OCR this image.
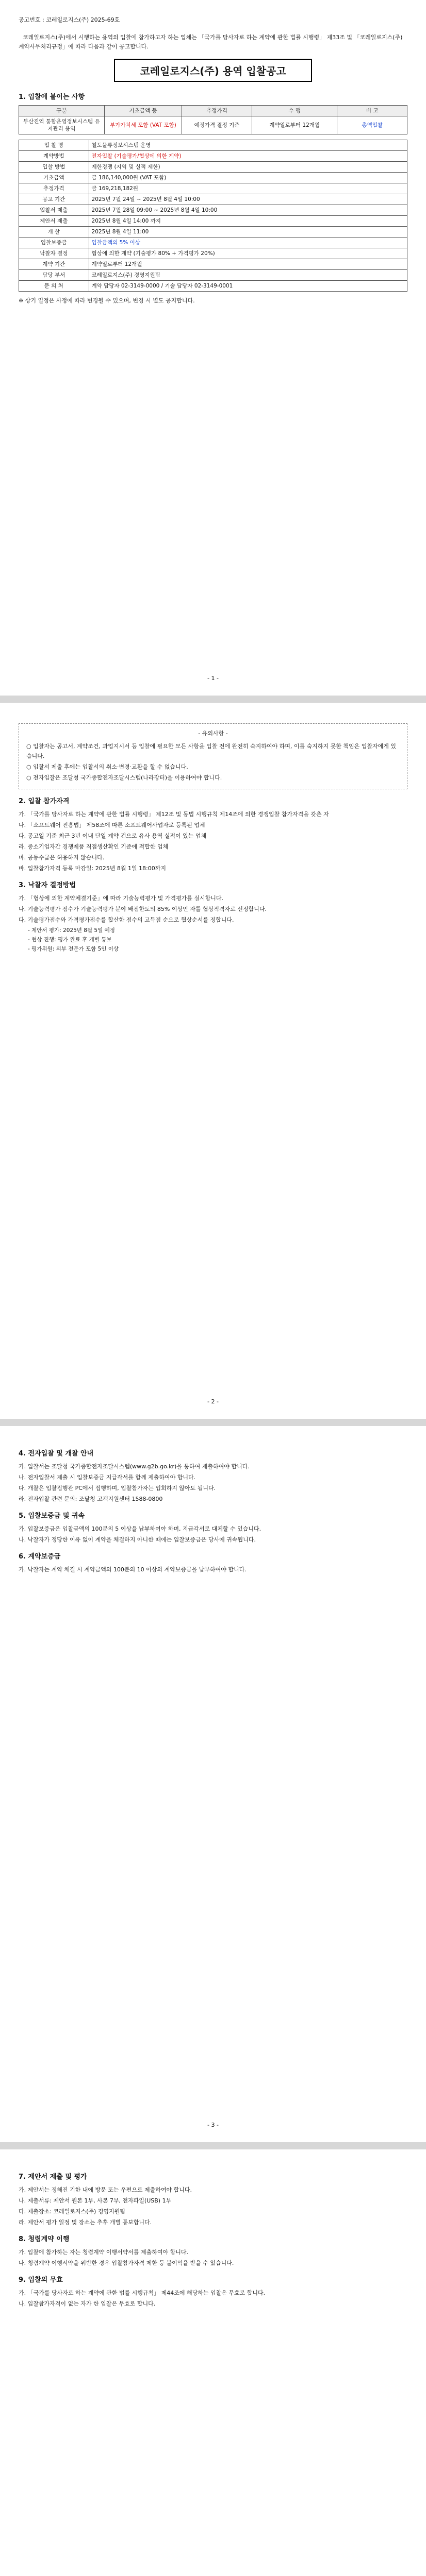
공고번호 : 코레일로지스(주) 2025-69호
코레일로지스(주)에서 시행하는 용역의 입찰에 참가하고자 하는 업체는 「국가를 당사자로 하는 계약에 관한 법률 시행령」 제33조 및 「코레일로지스(주) 계약사무처리규정」에 따라 다음과 같이 공고합니다.
코레일로지스(주) 용역 입찰공고
1. 입찰에 붙이는 사항
구분	기초금액 등	추정가격	수 행	비 고
부산진역 통합운영정보시스템 유지관리 용역	부가가치세 포함 (VAT 포함)	예정가격 결정 기준	계약일로부터 12개월	총액입찰
입 찰 명	철도물류정보시스템 운영
계약방법	전자입찰 (기술평가/협상에 의한 계약)
입찰 방법	제한경쟁 (지역 및 실적 제한)
기초금액	금 186,140,000원 (VAT 포함)
추정가격	금 169,218,182원
공고 기간	2025년 7월 24일 ~ 2025년 8월 4일 10:00
입찰서 제출	2025년 7월 28일 09:00 ~ 2025년 8월 4일 10:00
제안서 제출	2025년 8월 4일 14:00 까지
개 찰	2025년 8월 4일 11:00
입찰보증금	입찰금액의 5% 이상
낙찰자 결정	협상에 의한 계약 (기술평가 80% + 가격평가 20%)
계약 기간	계약일로부터 12개월
담당 부서	코레일로지스(주) 경영지원팀
문 의 처	계약 담당자 02-3149-0000 / 기술 담당자 02-3149-0001
※ 상기 일정은 사정에 따라 변경될 수 있으며, 변경 시 별도 공지합니다.
- 1 -
- 유의사항 -
○ 입찰자는 공고서, 계약조건, 과업지시서 등 입찰에 필요한 모든 사항을 입찰 전에 완전히 숙지하여야 하며, 이를 숙지하지 못한 책임은 입찰자에게 있습니다.
○ 입찰서 제출 후에는 입찰서의 취소·변경·교환을 할 수 없습니다.
○ 전자입찰은 조달청 국가종합전자조달시스템(나라장터)을 이용하여야 합니다.
2. 입찰 참가자격
가. 「국가를 당사자로 하는 계약에 관한 법률 시행령」 제12조 및 동법 시행규칙 제14조에 의한 경쟁입찰 참가자격을 갖춘 자
나. 「소프트웨어 진흥법」 제58조에 따른 소프트웨어사업자로 등록된 업체
다. 공고일 기준 최근 3년 이내 단일 계약 건으로 유사 용역 실적이 있는 업체
라. 중소기업자간 경쟁제품 직접생산확인 기준에 적합한 업체
마. 공동수급은 허용하지 않습니다.
바. 입찰참가자격 등록 마감일: 2025년 8월 1일 18:00까지
3. 낙찰자 결정방법
가. 「협상에 의한 계약체결기준」에 따라 기술능력평가 및 가격평가를 실시합니다.
나. 기술능력평가 점수가 기술능력평가 분야 배점한도의 85% 이상인 자를 협상적격자로 선정합니다.
다. 기술평가점수와 가격평가점수를 합산한 점수의 고득점 순으로 협상순서를 정합니다.
- 제안서 평가: 2025년 8월 5일 예정
- 협상 진행: 평가 완료 후 개별 통보
- 평가위원: 외부 전문가 포함 5인 이상
- 2 -
4. 전자입찰 및 개찰 안내
가. 입찰서는 조달청 국가종합전자조달시스템(www.g2b.go.kr)을 통하여 제출하여야 합니다.
나. 전자입찰서 제출 시 입찰보증금 지급각서를 함께 제출하여야 합니다.
다. 개찰은 입찰집행관 PC에서 집행하며, 입찰참가자는 입회하지 않아도 됩니다.
라. 전자입찰 관련 문의: 조달청 고객지원센터 1588-0800
5. 입찰보증금 및 귀속
가. 입찰보증금은 입찰금액의 100분의 5 이상을 납부하여야 하며, 지급각서로 대체할 수 있습니다.
나. 낙찰자가 정당한 이유 없이 계약을 체결하지 아니한 때에는 입찰보증금은 당사에 귀속됩니다.
6. 계약보증금
가. 낙찰자는 계약 체결 시 계약금액의 100분의 10 이상의 계약보증금을 납부하여야 합니다.
- 3 -
7. 제안서 제출 및 평가
가. 제안서는 정해진 기한 내에 방문 또는 우편으로 제출하여야 합니다.
나. 제출서류: 제안서 원본 1부, 사본 7부, 전자파일(USB) 1부
다. 제출장소: 코레일로지스(주) 경영지원팀
라. 제안서 평가 일정 및 장소는 추후 개별 통보합니다.
8. 청렴계약 이행
가. 입찰에 참가하는 자는 청렴계약 이행서약서를 제출하여야 합니다.
나. 청렴계약 이행서약을 위반한 경우 입찰참가자격 제한 등 불이익을 받을 수 있습니다.
9. 입찰의 무효
가. 「국가를 당사자로 하는 계약에 관한 법률 시행규칙」 제44조에 해당하는 입찰은 무효로 합니다.
나. 입찰참가자격이 없는 자가 한 입찰은 무효로 합니다.
